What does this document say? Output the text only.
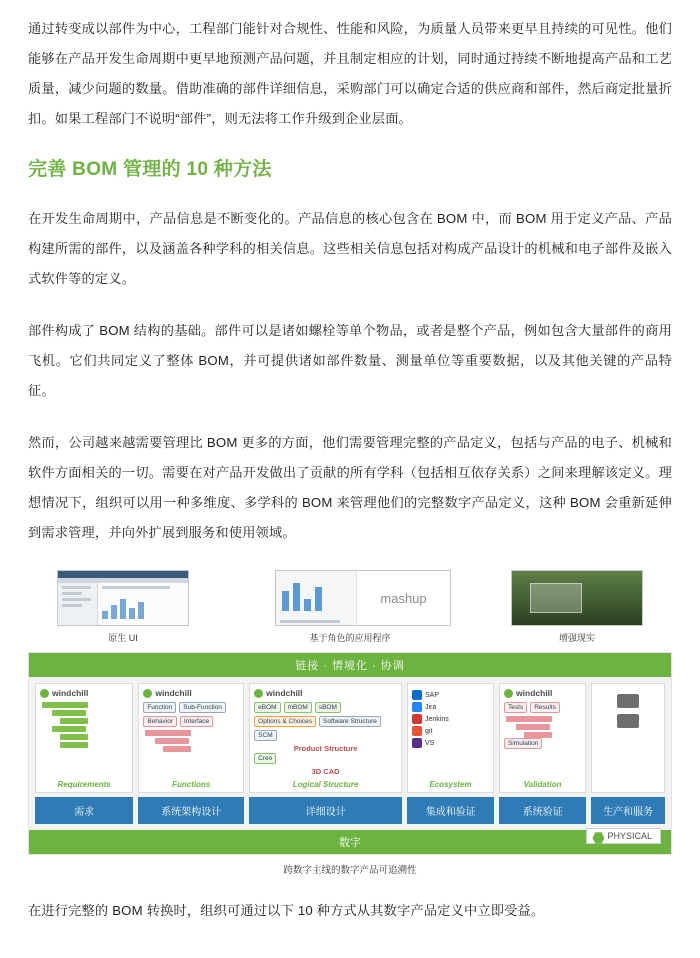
通过转变成以部件为中心，工程部门能针对合规性、性能和风险，为质量人员带来更早且持续的可见性。他们能够在产品开发生命周期中更早地预测产品问题，并且制定相应的计划，同时通过持续不断地提高产品和工艺质量，减少问题的数量。借助准确的部件详细信息，采购部门可以确定合适的供应商和部件，然后商定批量折扣。如果工程部门不说明“部件”，则无法将工作升级到企业层面。

完善 BOM 管理的 10 种方法

在开发生命周期中，产品信息是不断变化的。产品信息的核心包含在 BOM 中，而 BOM 用于定义产品、产品构建所需的部件，以及涵盖各种学科的相关信息。这些相关信息包括对构成产品设计的机械和电子部件及嵌入式软件等的定义。

部件构成了 BOM 结构的基础。部件可以是诸如螺栓等单个物品，或者是整个产品，例如包含大量部件的商用飞机。它们共同定义了整体 BOM，并可提供诸如部件数量、测量单位等重要数据，以及其他关键的产品特征。

然而，公司越来越需要管理比 BOM 更多的方面，他们需要管理完整的产品定义，包括与产品的电子、机械和软件方面相关的一切。需要在对产品开发做出了贡献的所有学科（包括相互依存关系）之间来理解该定义。理想情况下，组织可以用一种多维度、多学科的 BOM 来管理他们的完整数字产品定义，这种 BOM 会重新延伸到需求管理，并向外扩展到服务和使用领域。

原生 UI
mashup
基于角色的应用程序	增强现实
链接 · 情境化 · 协调
windchill
Requirements
windchill
Function	Sub-Function
Behavior	Interface
Functions
windchill
eBOM	mBOM	sBOM
Options & Choices	Software Structure
SCM
Product Structure
Creo
3D CAD
Logical Structure
SAP
Jira
Jenkins
git
VS
Ecosystem
windchill
Tests	Results
Simulation
Validation
需求	系统架构设计	详细设计	集成和验证	系统验证	生产和服务
数字
PHYSICAL
跨数字主线的数字产品可追溯性

在进行完整的 BOM 转换时，组织可通过以下 10 种方式从其数字产品定义中立即受益。
